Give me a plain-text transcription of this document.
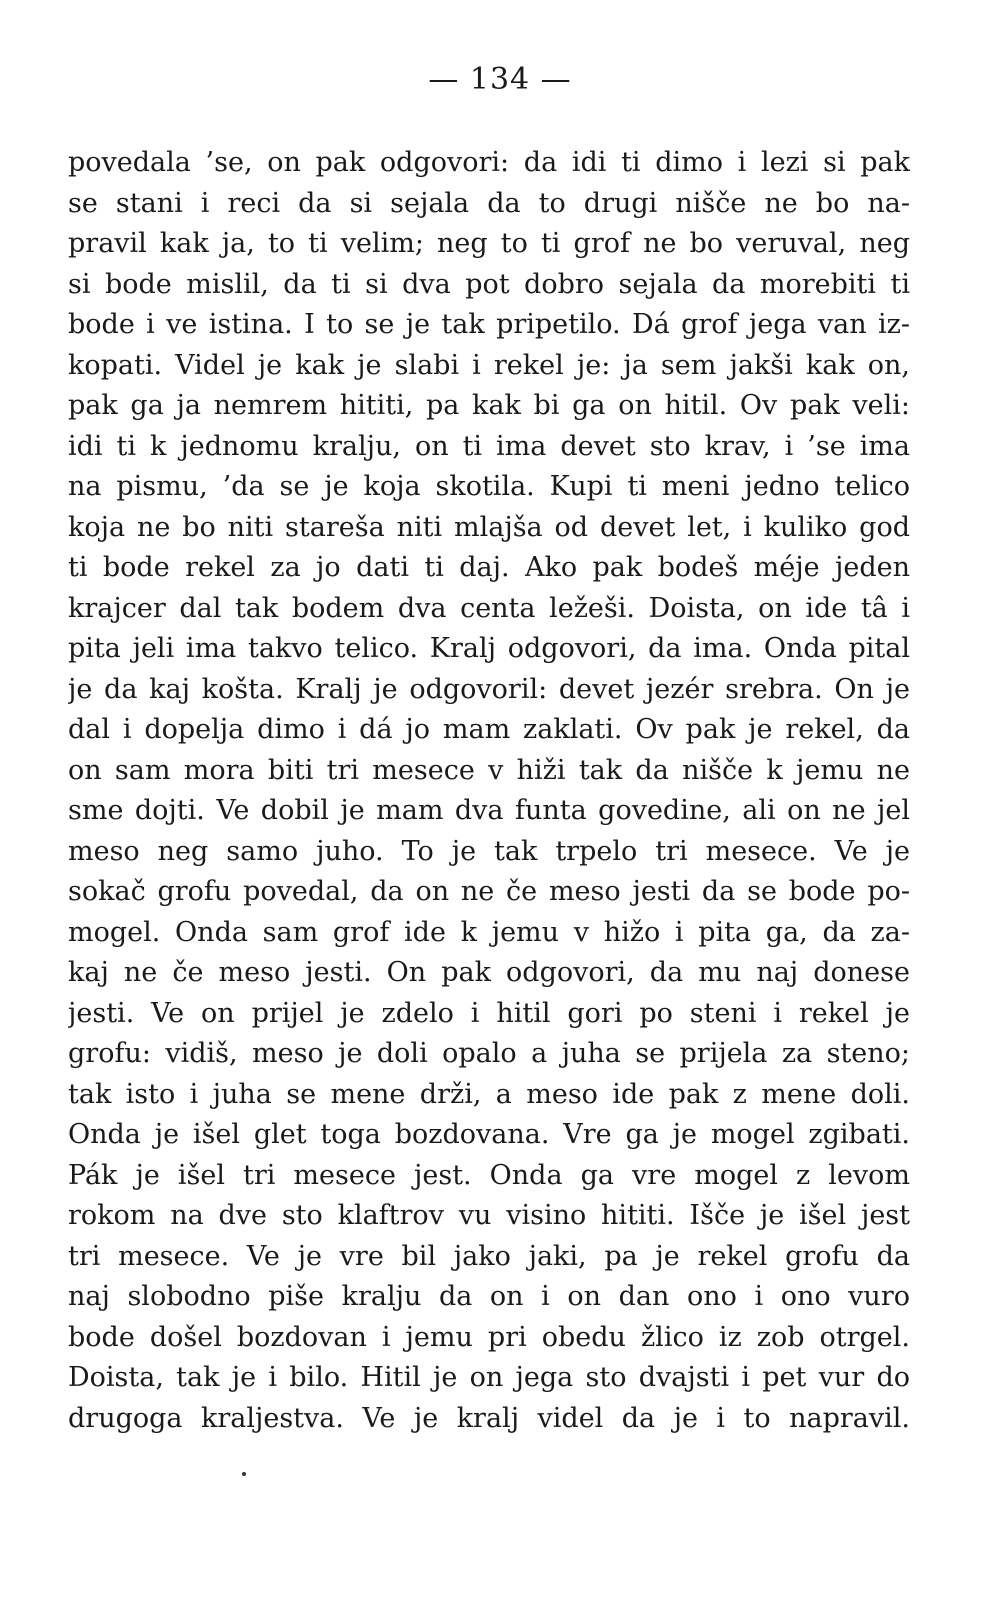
— 134 —
povedala ’se, on pak odgovori: da idi ti dimo i lezi si pak
se stani i reci da si sejala da to drugi nišče ne bo na-
pravil kak ja, to ti velim; neg to ti grof ne bo veruval, neg
si bode mislil, da ti si dva pot dobro sejala da morebiti ti
bode i ve istina. I to se je tak pripetilo. Dá grof jega van iz-
kopati. Videl je kak je slabi i rekel je: ja sem jakši kak on,
pak ga ja nemrem hititi, pa kak bi ga on hitil. Ov pak veli:
idi ti k jednomu kralju, on ti ima devet sto krav, i ’se ima
na pismu, ’da se je koja skotila. Kupi ti meni jedno telico
koja ne bo niti stareša niti mlajša od devet let, i kuliko god
ti bode rekel za jo dati ti daj. Ako pak bodeš méje jeden
krajcer dal tak bodem dva centa ležeši. Doista, on ide tâ i
pita jeli ima takvo telico. Kralj odgovori, da ima. Onda pital
je da kaj košta. Kralj je odgovoril: devet jezér srebra. On je
dal i dopelja dimo i dá jo mam zaklati. Ov pak je rekel, da
on sam mora biti tri mesece v hiži tak da nišče k jemu ne
sme dojti. Ve dobil je mam dva funta govedine, ali on ne jel
meso neg samo juho. To je tak trpelo tri mesece. Ve je
sokač grofu povedal, da on ne če meso jesti da se bode po-
mogel. Onda sam grof ide k jemu v hižo i pita ga, da za-
kaj ne če meso jesti. On pak odgovori, da mu naj donese
jesti. Ve on prijel je zdelo i hitil gori po steni i rekel je
grofu: vidiš, meso je doli opalo a juha se prijela za steno;
tak isto i juha se mene drži, a meso ide pak z mene doli.
Onda je išel glet toga bozdovana. Vre ga je mogel zgibati.
Pák je išel tri mesece jest. Onda ga vre mogel z levom
rokom na dve sto klaftrov vu visino hititi. Išče je išel jest
tri mesece. Ve je vre bil jako jaki, pa je rekel grofu da
naj slobodno piše kralju da on i on dan ono i ono vuro
bode došel bozdovan i jemu pri obedu žlico iz zob otrgel.
Doista, tak je i bilo. Hitil je on jega sto dvajsti i pet vur do
drugoga kraljestva. Ve je kralj videl da je i to napravil.
